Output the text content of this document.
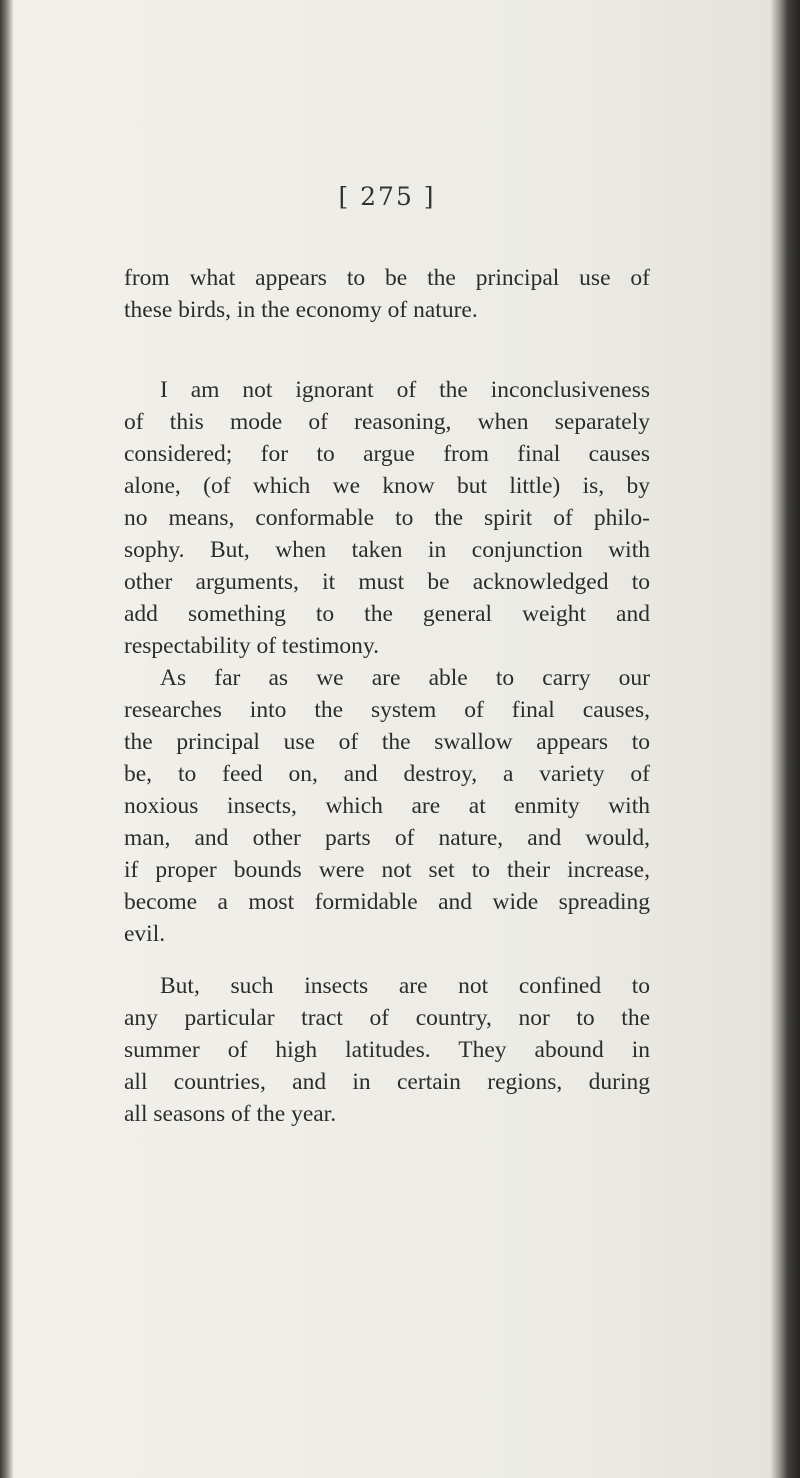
[ 275 ]
from what appears to be the principal use of
these birds, in the economy of nature.
I am not ignorant of the inconclusiveness
of this mode of reasoning, when separately
considered; for to argue from final causes
alone, (of which we know but little) is, by
no means, conformable to the spirit of philo-
sophy. But, when taken in conjunction with
other arguments, it must be acknowledged to
add something to the general weight and
respectability of testimony.
As far as we are able to carry our
researches into the system of final causes,
the principal use of the swallow appears to
be, to feed on, and destroy, a variety of
noxious insects, which are at enmity with
man, and other parts of nature, and would,
if proper bounds were not set to their increase,
become a most formidable and wide spreading
evil.
But, such insects are not confined to
any particular tract of country, nor to the
summer of high latitudes. They abound in
all countries, and in certain regions, during
all seasons of the year.
